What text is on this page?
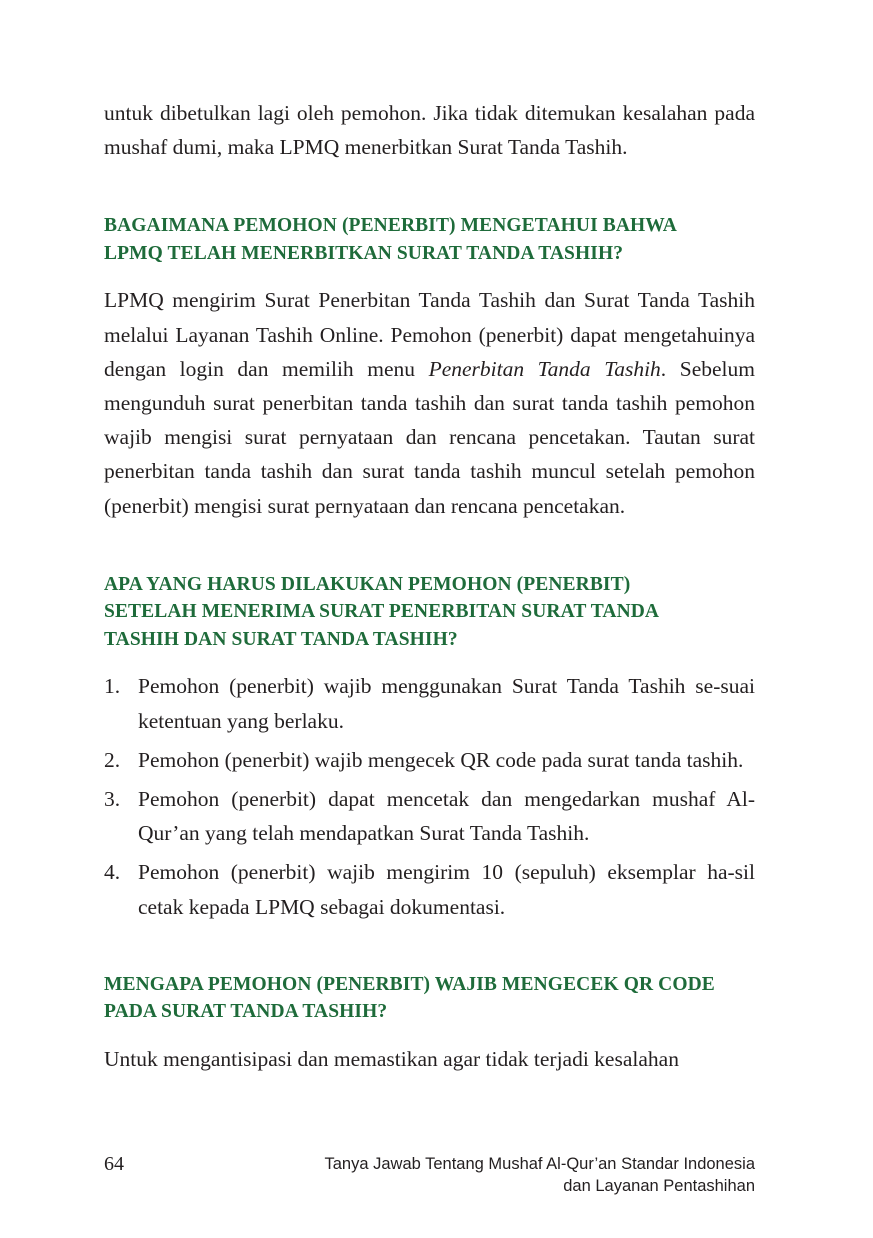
untuk dibetulkan lagi oleh pemohon. Jika tidak ditemukan kesalahan pada mushaf dumi, maka LPMQ menerbitkan Surat Tanda Tashih.

BAGAIMANA PEMOHON (PENERBIT) MENGETAHUI BAHWA
LPMQ TELAH MENERBITKAN SURAT TANDA TASHIH?

LPMQ mengirim Surat Penerbitan Tanda Tashih dan Surat Tanda Tashih melalui Layanan Tashih Online. Pemohon (penerbit) dapat mengetahuinya dengan login dan memilih menu Penerbitan Tanda Tashih. Sebelum mengunduh surat penerbitan tanda tashih dan surat tanda tashih pemohon wajib mengisi surat pernyataan dan rencana pencetakan. Tautan surat penerbitan tanda tashih dan surat tanda tashih muncul setelah pemohon (penerbit) mengisi surat pernyataan dan rencana pencetakan.

APA YANG HARUS DILAKUKAN PEMOHON (PENERBIT)
SETELAH MENERIMA SURAT PENERBITAN SURAT TANDA
TASHIH DAN SURAT TANDA TASHIH?
1. Pemohon (penerbit) wajib menggunakan Surat Tanda Tashih se-suai ketentuan yang berlaku.
2. Pemohon (penerbit) wajib mengecek QR code pada surat tanda tashih.
3. Pemohon (penerbit) dapat mencetak dan mengedarkan mushaf Al-Qur’an yang telah mendapatkan Surat Tanda Tashih.
4. Pemohon (penerbit) wajib mengirim 10 (sepuluh) eksemplar ha-sil cetak kepada LPMQ sebagai dokumentasi.
MENGAPA PEMOHON (PENERBIT) WAJIB MENGECEK QR CODE
PADA SURAT TANDA TASHIH?

Untuk mengantisipasi dan memastikan agar tidak terjadi kesalahan

64	Tanya Jawab Tentang Mushaf Al-Qur’an Standar Indonesia
dan Layanan Pentashihan
